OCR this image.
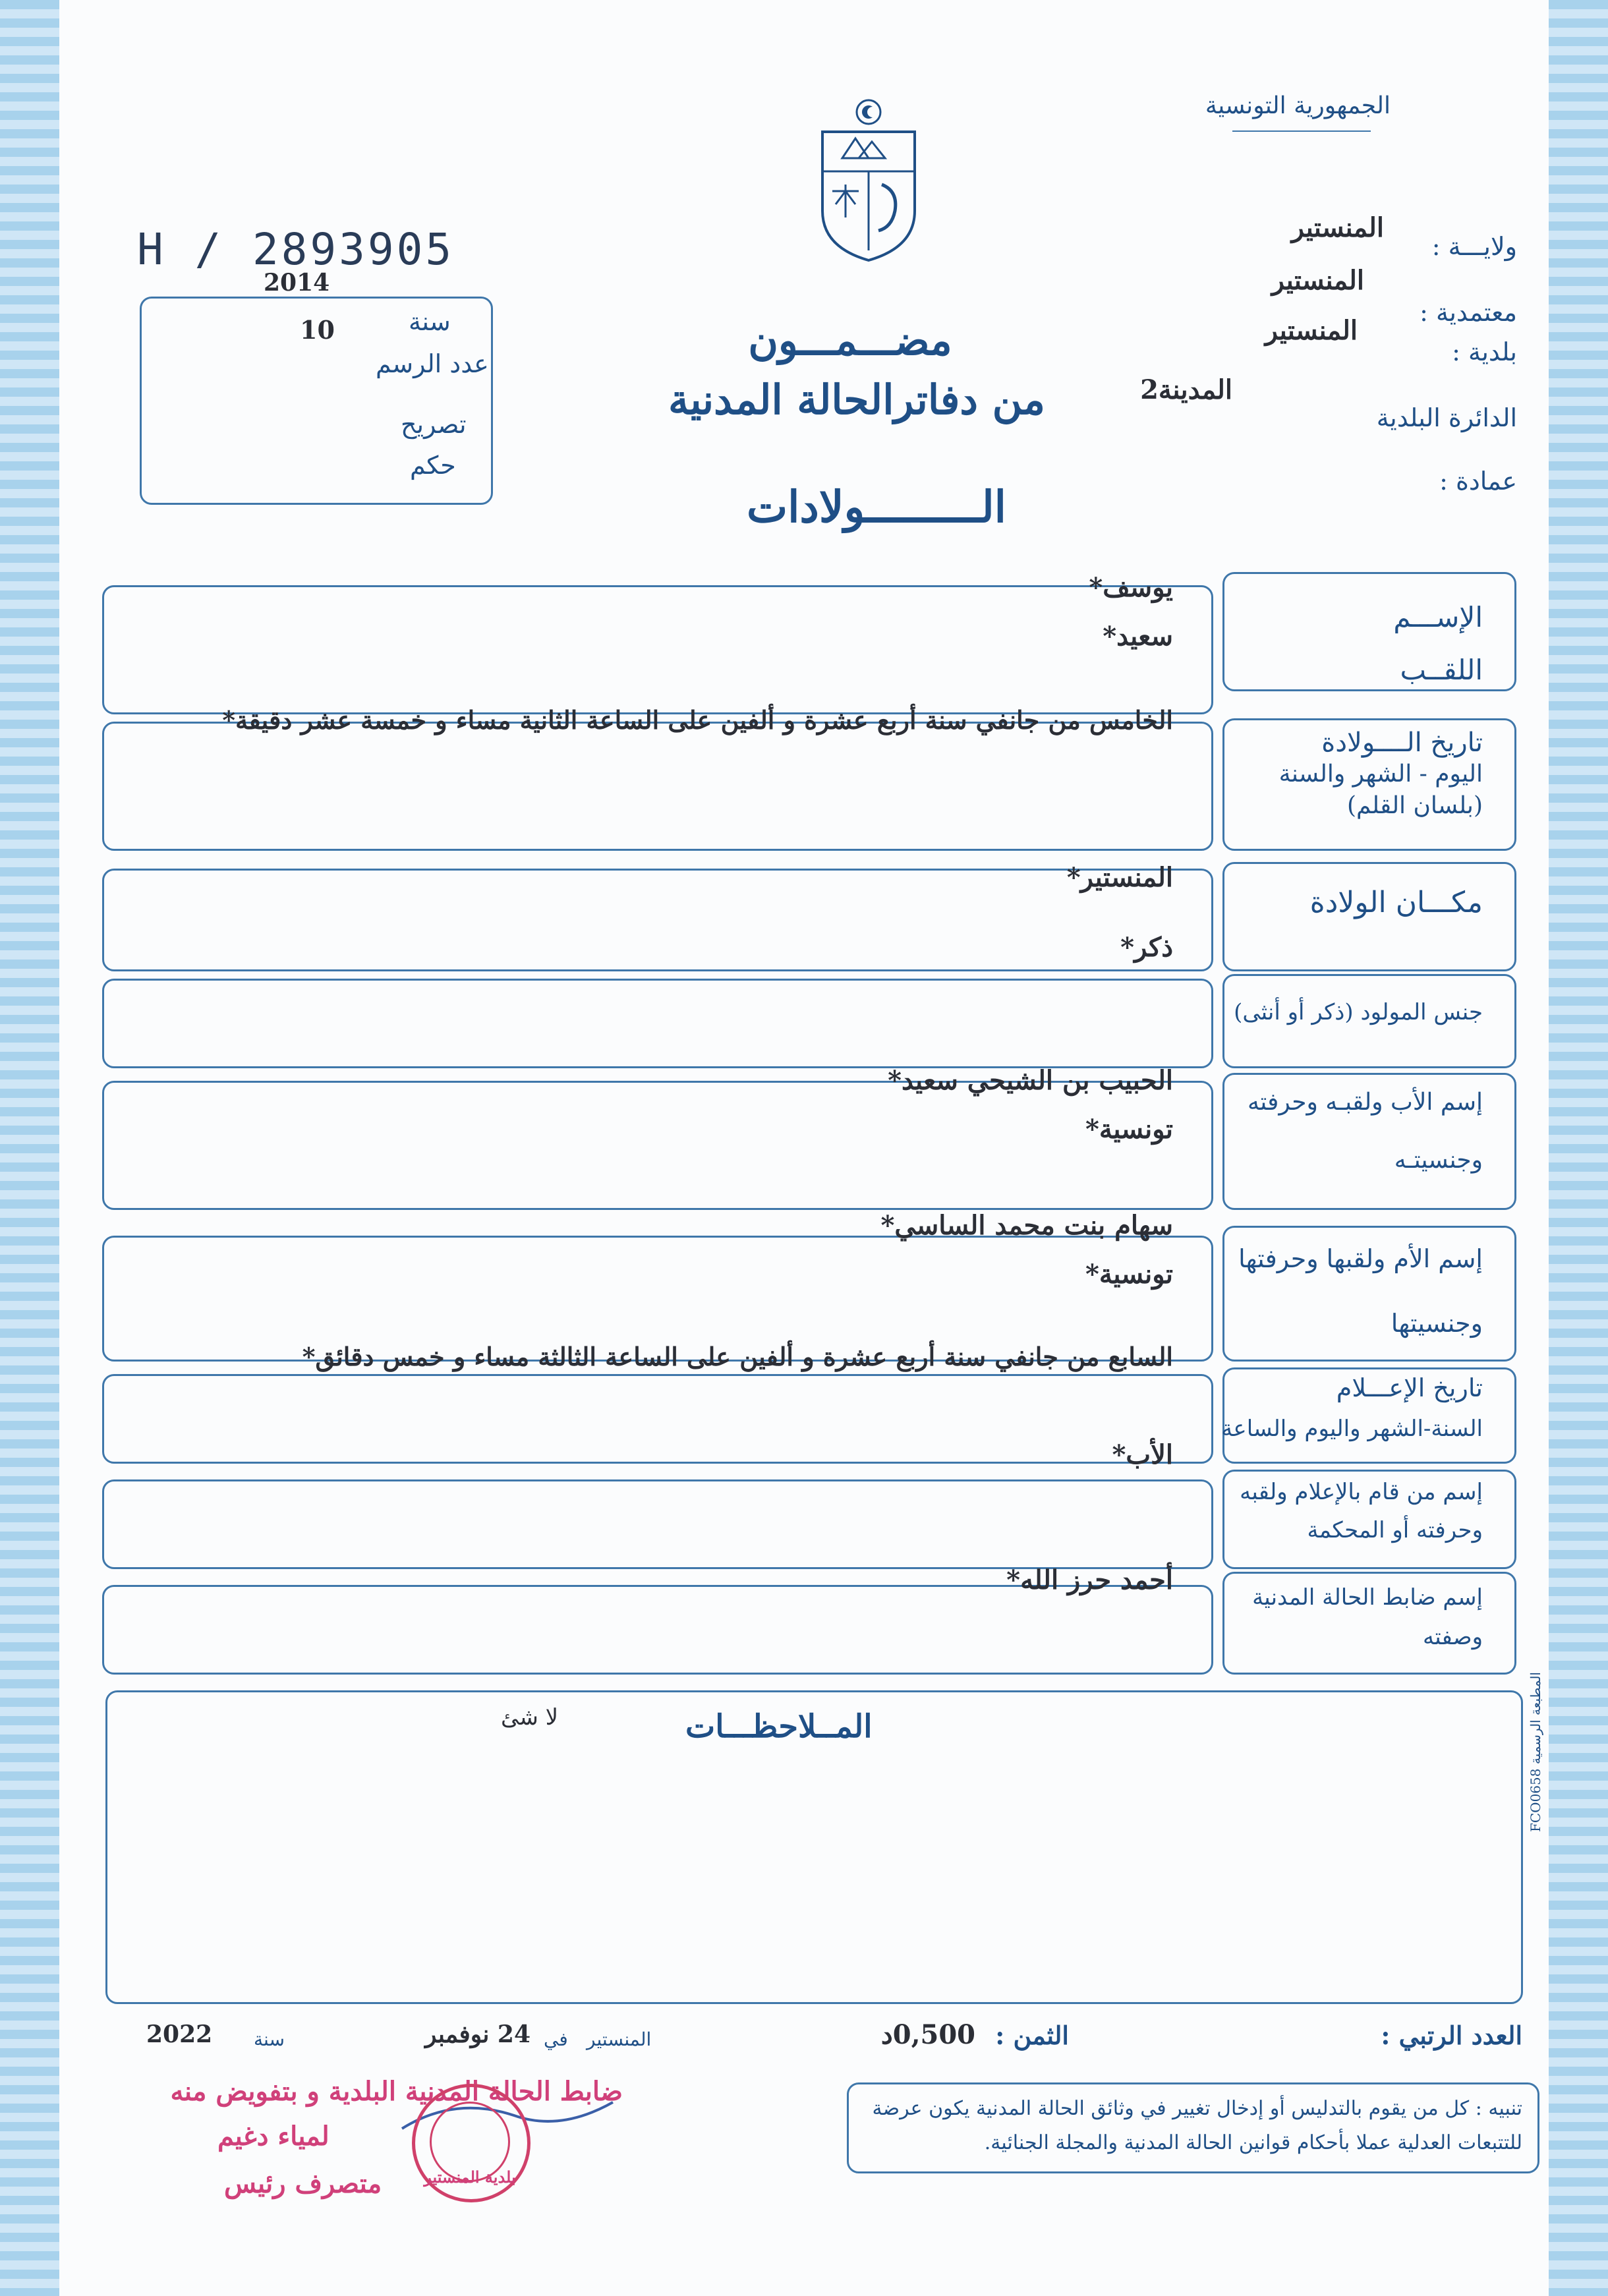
الجمهورية التونسية
H / 2893905	ولايـــة :
المنستير
معتمدية :
المنستير
بلدية :
المنستير
الدائرة البلدية
المدينة2
عمادة :
سنة
2014
عدد الرسم
10
تصريح
حكم
مضـــمـــون
من دفاترالحالة المدنية
الـــــــــولادات
الإســـم
اللقــب
يوسف*
سعيد*
تاريخ الــــولادة
اليوم - الشهر والسنة
(بلسان القلم)
الخامس من جانفي سنة أربع عشرة و ألفين على الساعة الثانية مساء و خمسة عشر دقيقة*
مكـــان الولادة
المنستير*
جنس المولود (ذكر أو أنثى)
ذكر*
إسم الأب ولقبـه وحرفته
وجنسيتـه
الحبيب بن الشيحي سعيد*
تونسية*
إسم الأم ولقبها وحرفتها
وجنسيتها
سهام بنت محمد الساسي*
تونسية*
تاريخ الإعـــلام
السنة-الشهر واليوم والساعة
السابع من جانفي سنة أربع عشرة و ألفين على الساعة الثالثة مساء و خمس دقائق*
إسم من قام بالإعلام ولقبه
وحرفته أو المحكمة
الأب*
إسم ضابط الحالة المدنية
وصفته
أحمد حرز الله*
المــلاحظـــات
لا شئ
المطبعة الرسمية FCO0658
العدد الرتبي :
الثمن :
0,500د
المنستير
في
24 نوفمبر
سنة
2022
تنبيه : كل من يقوم بالتدليس أو إدخال تغيير في وثائق الحالة المدنية يكون عرضة
للتتبعات العدلية عملا بأحكام قوانين الحالة المدنية والمجلة الجنائية.
ضابط الحالة المدنية البلدية و بتفويض منه
لمياء دغيم
متصرف رئيس	بلدية المنستير
